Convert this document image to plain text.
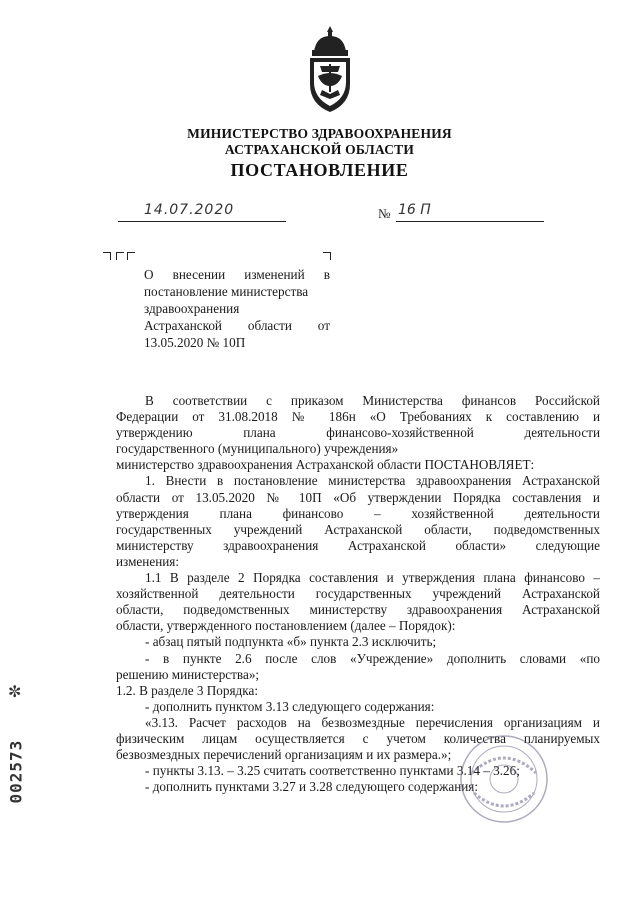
МИНИСТЕРСТВО ЗДРАВООХРАНЕНИЯ
АСТРАХАНСКОЙ ОБЛАСТИ
ПОСТАНОВЛЕНИЕ
14.07.2020	№ 16 П
О внесении изменений в
постановление министерства
здравоохранения
Астраханской области от
13.05.2020 № 10П
В соответствии с приказом Министерства финансов Российской
Федерации от 31.08.2018 № 186н «О Требованиях к составлению и
утверждению плана финансово-хозяйственной деятельности
государственного (муниципального) учреждения»
министерство здравоохранения Астраханской области ПОСТАНОВЛЯЕТ:
1. Внести в постановление министерства здравоохранения Астраханской
области от 13.05.2020 № 10П «Об утверждении Порядка составления и
утверждения плана финансово – хозяйственной деятельности
государственных учреждений Астраханской области, подведомственных
министерству здравоохранения Астраханской области» следующие
изменения:
1.1 В разделе 2 Порядка составления и утверждения плана финансово –
хозяйственной деятельности государственных учреждений Астраханской
области, подведомственных министерству здравоохранения Астраханской
области, утвержденного постановлением (далее – Порядок):
- абзац пятый подпункта «б» пункта 2.3 исключить;
- в пункте 2.6 после слов «Учреждение» дополнить словами «по
решению министерства»;
1.2. В разделе 3 Порядка:
- дополнить пунктом 3.13 следующего содержания:
«3.13. Расчет расходов на безвозмездные перечисления организациям и
физическим лицам осуществляется с учетом количества планируемых
безвозмездных перечислений организациям и их размера.»;
- пункты 3.13. – 3.25 считать соответственно пунктами 3.14 – 3.26;
- дополнить пунктами 3.27 и 3.28 следующего содержания:
002573
✼
